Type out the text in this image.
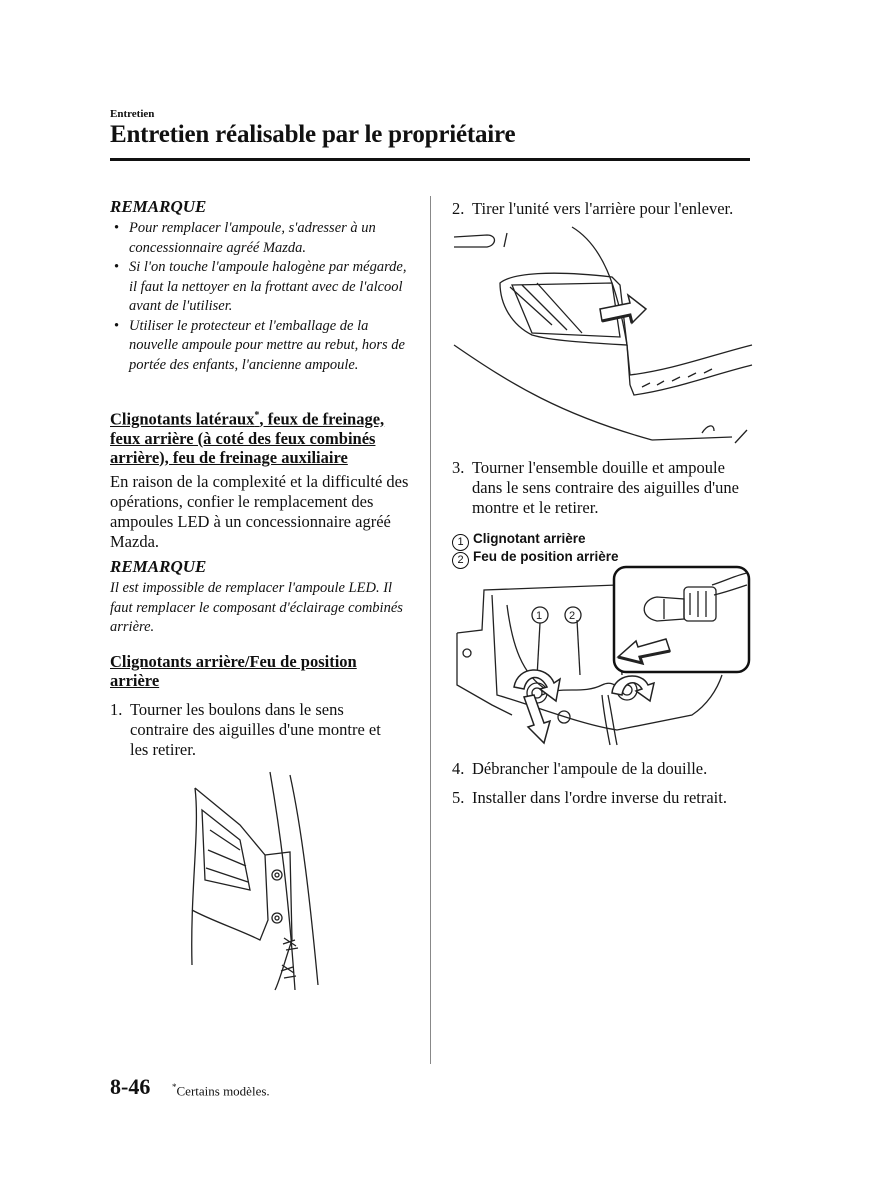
Entretien
Entretien réalisable par le propriétaire
REMARQUE
• Pour remplacer l'ampoule, s'adresser à un concessionnaire agréé Mazda.
• Si l'on touche l'ampoule halogène par mégarde, il faut la nettoyer en la frottant avec de l'alcool avant de l'utiliser.
• Utiliser le protecteur et l'emballage de la nouvelle ampoule pour mettre au rebut, hors de portée des enfants, l'ancienne ampoule.
Clignotants latéraux*, feux de freinage, feux arrière (à coté des feux combinés arrière), feu de freinage auxiliaire
En raison de la complexité et la difficulté des opérations, confier le remplacement des ampoules LED à un concessionnaire agréé Mazda.
REMARQUE
Il est impossible de remplacer l'ampoule LED. Il faut remplacer le composant d'éclairage combinés arrière.
Clignotants arrière/Feu de position arrière
1. Tourner les boulons dans le sens contraire des aiguilles d'une montre et les retirer.
2. Tirer l'unité vers l'arrière pour l'enlever.
3. Tourner l'ensemble douille et ampoule dans le sens contraire des aiguilles d'une montre et le retirer.
1 Clignotant arrière
2 Feu de position arrière
1 2
4. Débrancher l'ampoule de la douille.
5. Installer dans l'ordre inverse du retrait.
8-46 *Certains modèles.
